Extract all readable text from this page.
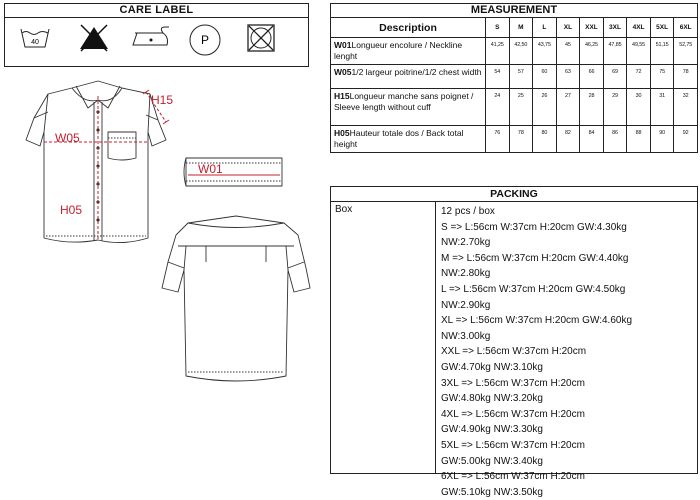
CARE LABEL
40	P
MEASUREMENT									
Description	S	M	L	XL	XXL	3XL	4XL	5XL	6XL
W01Longueur encolure / Neckline lenght	41,25	42,50	43,75	45	46,25	47,85	49,55	51,15	52,75
W051/2 largeur poitrine/1/2 chest width	54	57	60	63	66	69	72	75	78
H15Longueur manche sans poignet / Sleeve length without cuff	24	25	26	27	28	29	30	31	32
H05Hauteur totale dos / Back total height	76	78	80	82	84	86	88	90	92
PACKING
Box	12 pcs / box

S => L:56cm W:37cm H:20cm GW:4.30kg

NW:2.70kg

M => L:56cm W:37cm H:20cm GW:4.40kg

NW:2.80kg

L => L:56cm W:37cm H:20cm GW:4.50kg

NW:2.90kg

XL => L:56cm W:37cm H:20cm GW:4.60kg

NW:3.00kg

XXL => L:56cm W:37cm H:20cm

GW:4.70kg NW:3.10kg

3XL => L:56cm W:37cm H:20cm

GW:4.80kg NW:3.20kg

4XL => L:56cm W:37cm H:20cm

GW:4.90kg NW:3.30kg

5XL => L:56cm W:37cm H:20cm

GW:5.00kg NW:3.40kg

6XL => L:56cm W:37cm H:20cm

GW:5.10kg NW:3.50kg

H15
W05
H05
W01
